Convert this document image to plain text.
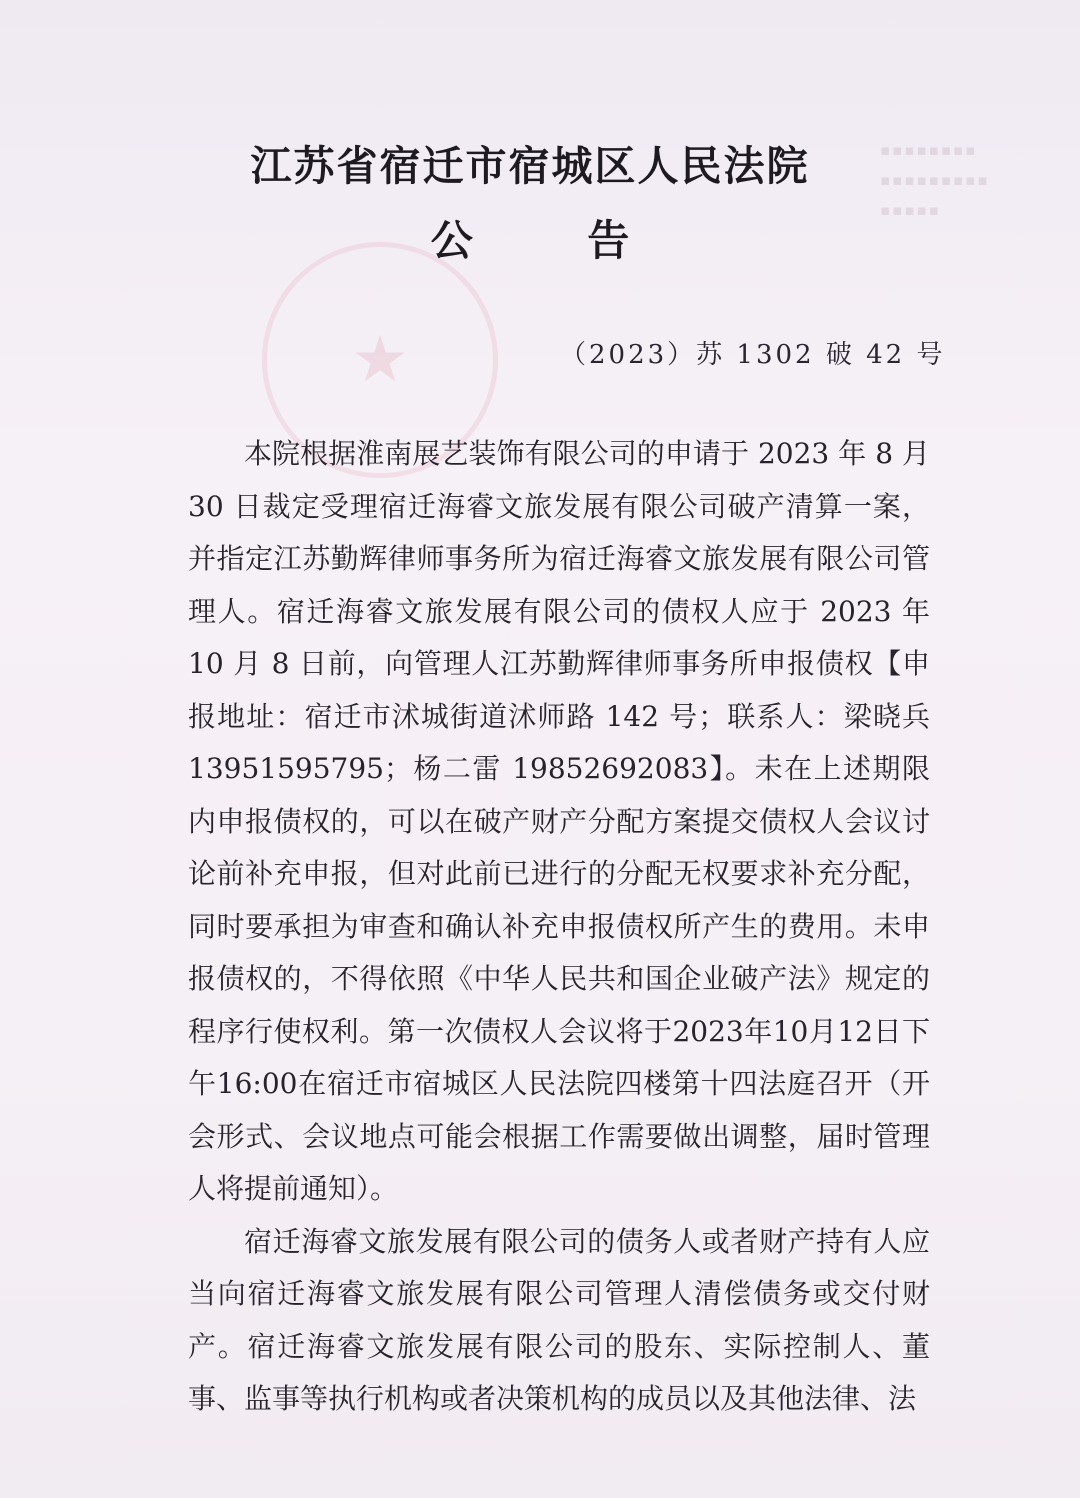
★
▪▪▪▪▪▪▪▪
▪▪▪▪▪▪▪▪▪
▪▪▪▪▪
江苏省宿迁市宿城区人民法院
公 告
（2023）苏 1302 破 42 号

本院根据淮南展艺装饰有限公司的申请于 2023 年 8 月 30 日裁定受理宿迁海睿文旅发展有限公司破产清算一案，并指定江苏勤辉律师事务所为宿迁海睿文旅发展有限公司管理人。宿迁海睿文旅发展有限公司的债权人应于 2023 年 10 月 8 日前，向管理人江苏勤辉律师事务所申报债权【申报地址：宿迁市沭城街道沭师路 142 号；联系人：梁晓兵 13951595795；杨二雷 19852692083】。未在上述期限内申报债权的，可以在破产财产分配方案提交债权人会议讨论前补充申报，但对此前已进行的分配无权要求补充分配，同时要承担为审查和确认补充申报债权所产生的费用。未申报债权的，不得依照《中华人民共和国企业破产法》规定的程序行使权利。第一次债权人会议将于2023年10月12日下午16:00在宿迁市宿城区人民法院四楼第十四法庭召开（开会形式、会议地点可能会根据工作需要做出调整，届时管理人将提前通知）。

宿迁海睿文旅发展有限公司的债务人或者财产持有人应当向宿迁海睿文旅发展有限公司管理人清偿债务或交付财产。宿迁海睿文旅发展有限公司的股东、实际控制人、董事、监事等执行机构或者决策机构的成员以及其他法律、法
